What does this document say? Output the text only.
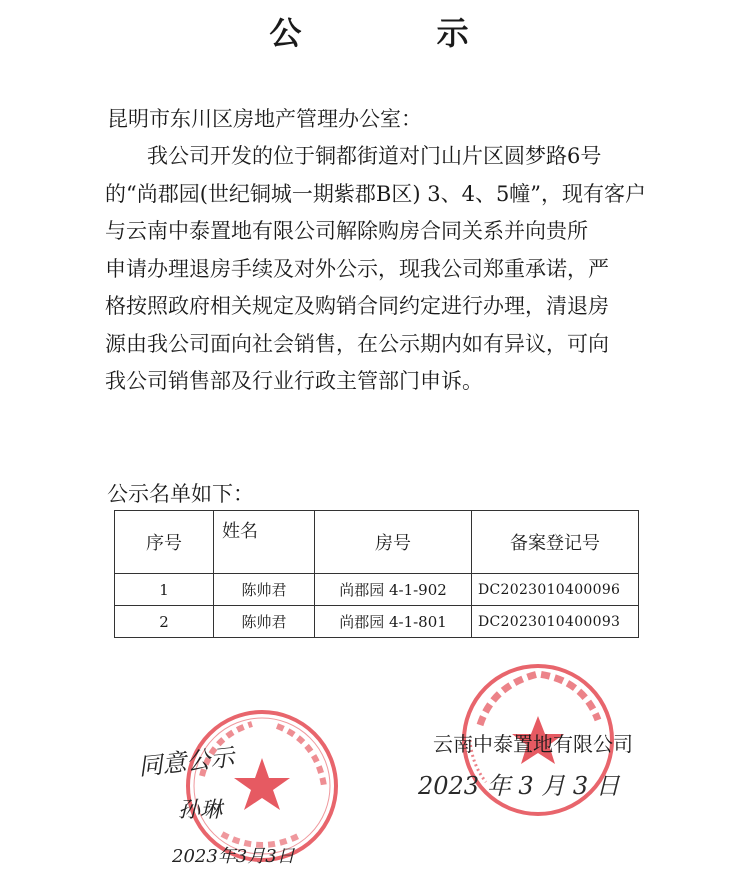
公 示
昆明市东川区房地产管理办公室：

我公司开发的位于铜都街道对门山片区圆梦路6号
的“尚郡园(世纪铜城一期紫郡B区) 3、4、5幢”，现有客户
与云南中泰置地有限公司解除购房合同关系并向贵所
申请办理退房手续及对外公示，现我公司郑重承诺，严
格按照政府相关规定及购销合同约定进行办理，清退房
源由我公司面向社会销售，在公示期内如有异议，可向
我公司销售部及行业行政主管部门申诉。

公示名单如下：
序号	姓名	房号	备案登记号
1	陈帅君	尚郡园 4-1-902	DC2023010400096
2	陈帅君	尚郡园 4-1-801	DC2023010400093
云南中泰置地有限公司
2023 年 3 月 3 日
同意公示
孙琳
2023年3月3日
